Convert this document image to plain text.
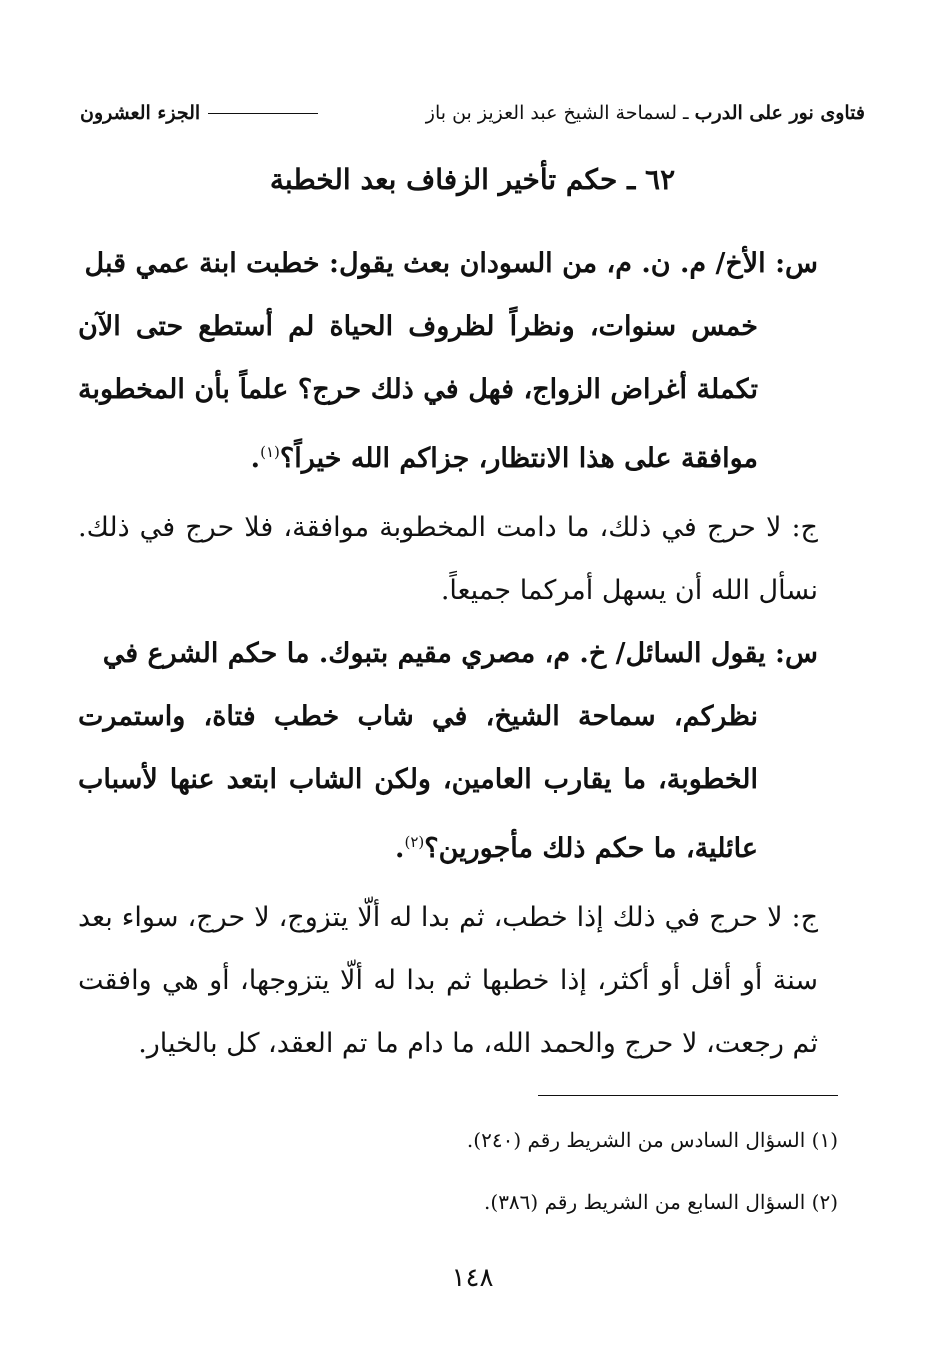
فتاوى نور على الدرب ـ لسماحة الشيخ عبد العزيز بن باز
الجزء العشرون
٦٢ ـ حكم تأخير الزفاف بعد الخطبة
س: الأخ/ م. ن. م، من السودان بعث يقول: خطبت ابنة عمي قبل
خمس سنوات، ونظراً لظروف الحياة لم أستطع حتى الآن تكملة أغراض الزواج، فهل في ذلك حرج؟ علماً بأن المخطوبة موافقة على هذا الانتظار، جزاكم الله خيراً؟$^{(١)}$.
ج: لا حرج في ذلك، ما دامت المخطوبة موافقة، فلا حرج في ذلك. نسأل الله أن يسهل أمركما جميعاً.
س: يقول السائل/ خ. م، مصري مقيم بتبوك. ما حكم الشرع في
نظركم، سماحة الشيخ، في شاب خطب فتاة، واستمرت الخطوبة، ما يقارب العامين، ولكن الشاب ابتعد عنها لأسباب عائلية، ما حكم ذلك مأجورين؟$^{(٢)}$.
ج: لا حرج في ذلك إذا خطب، ثم بدا له ألّا يتزوج، لا حرج، سواء بعد سنة أو أقل أو أكثر، إذا خطبها ثم بدا له ألّا يتزوجها، أو هي وافقت ثم رجعت، لا حرج والحمد الله، ما دام ما تم العقد، كل بالخيار.
(١) السؤال السادس من الشريط رقم (٢٤٠).
(٢) السؤال السابع من الشريط رقم (٣٨٦).
١٤٨
